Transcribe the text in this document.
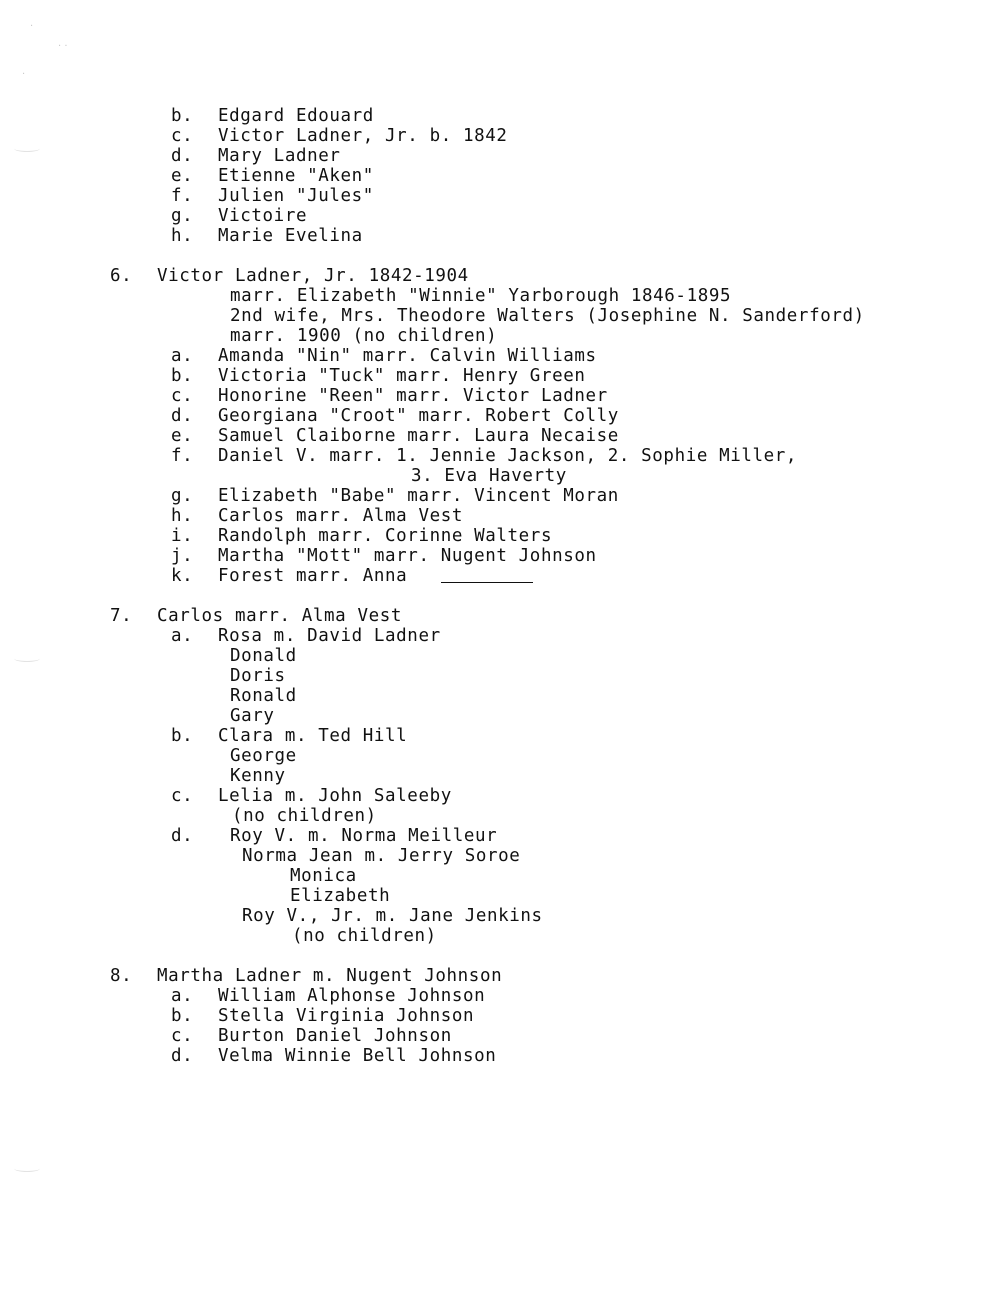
·
· ·
·
b. Edgard Edouard
c. Victor Ladner, Jr. b. 1842
d. Mary Ladner
e. Etienne "Aken"
f. Julien "Jules"
g. Victoire
h. Marie Evelina
6. Victor Ladner, Jr. 1842-1904
marr. Elizabeth "Winnie" Yarborough 1846-1895
2nd wife, Mrs. Theodore Walters (Josephine N. Sanderford)
marr. 1900 (no children)
a. Amanda "Nin" marr. Calvin Williams
b. Victoria "Tuck" marr. Henry Green
c. Honorine "Reen" marr. Victor Ladner
d. Georgiana "Croot" marr. Robert Colly
e. Samuel Claiborne marr. Laura Necaise
f. Daniel V. marr. 1. Jennie Jackson, 2. Sophie Miller,
3. Eva Haverty
g. Elizabeth "Babe" marr. Vincent Moran
h. Carlos marr. Alma Vest
i. Randolph marr. Corinne Walters
j. Martha "Mott" marr. Nugent Johnson
k. Forest marr. Anna
7. Carlos marr. Alma Vest
a. Rosa m. David Ladner
Donald
Doris
Ronald
Gary
b. Clara m. Ted Hill
George
Kenny
c. Lelia m. John Saleeby
(no children)
d. Roy V. m. Norma Meilleur
Norma Jean m. Jerry Soroe
Monica
Elizabeth
Roy V., Jr. m. Jane Jenkins
(no children)
8. Martha Ladner m. Nugent Johnson
a. William Alphonse Johnson
b. Stella Virginia Johnson
c. Burton Daniel Johnson
d. Velma Winnie Bell Johnson
